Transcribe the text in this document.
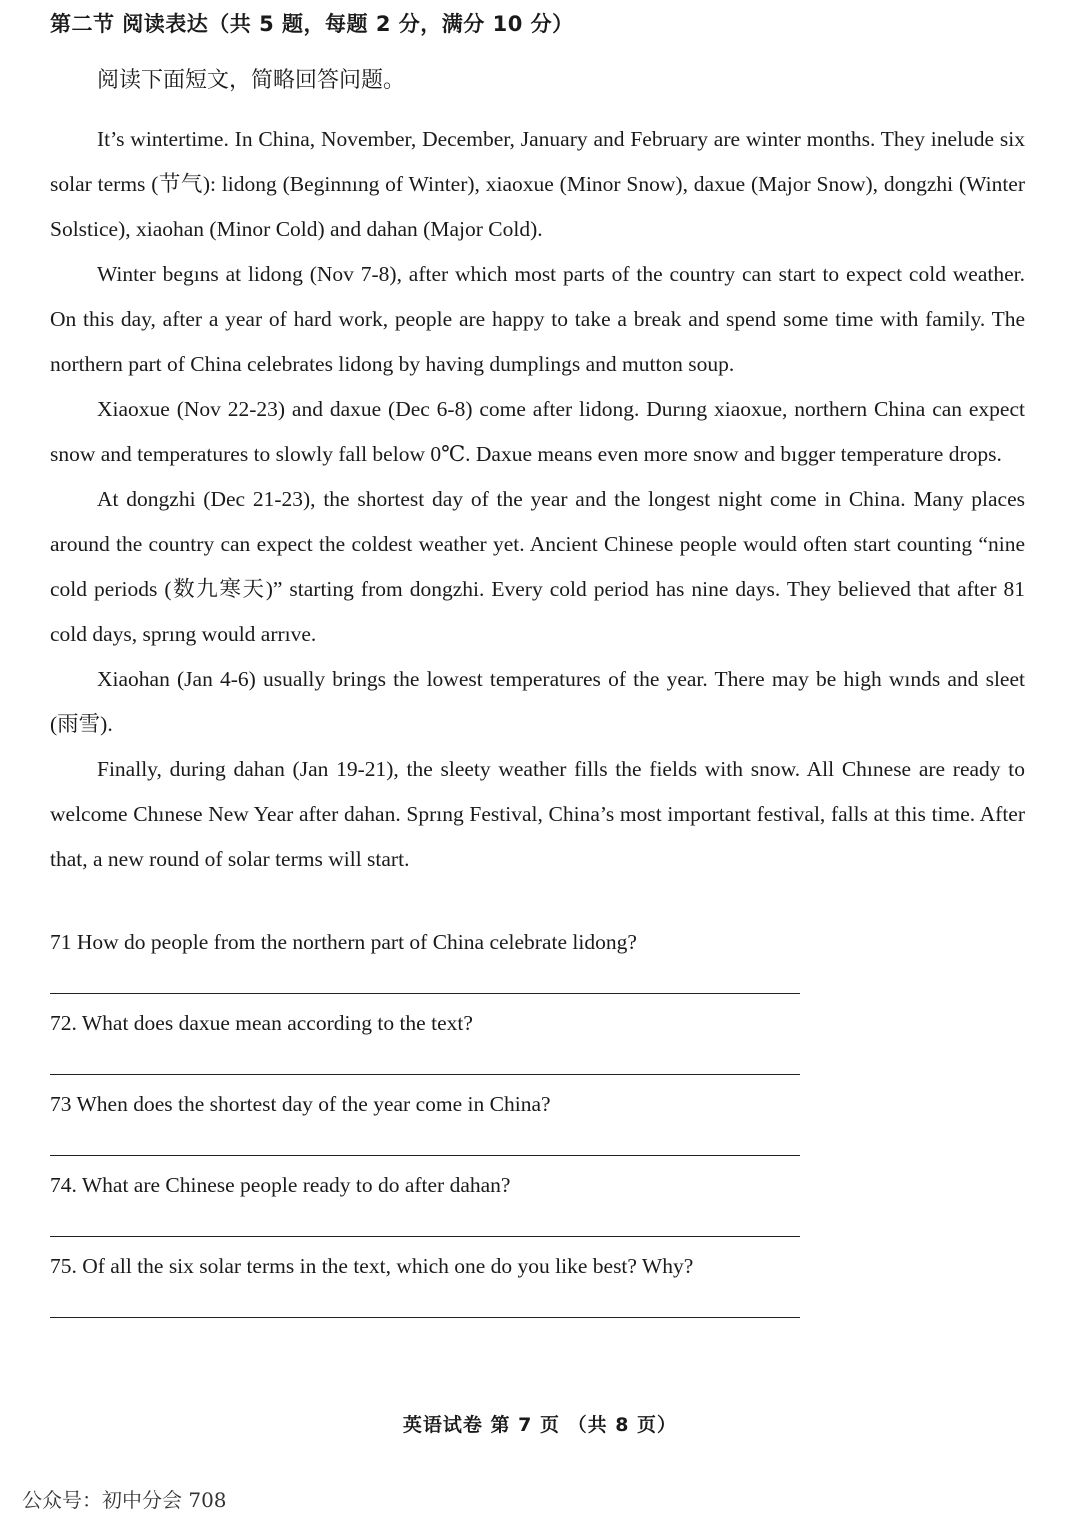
第二节 阅读表达（共 5 题，每题 2 分，满分 10 分）
阅读下面短文，简略回答问题。

It’s wintertime. In China, November, December, January and February are winter months. They inelude six solar terms (节气): lidong (Beginnıng of Winter), xiaoxue (Minor Snow), daxue (Major Snow), dongzhi (Winter Solstice), xiaohan (Minor Cold) and dahan (Major Cold).

Winter begıns at lidong (Nov 7-8), after which most parts of the country can start to expect cold weather. On this day, after a year of hard work, people are happy to take a break and spend some time with family. The northern part of China celebrates lidong by having dumplings and mutton soup.

Xiaoxue (Nov 22-23) and daxue (Dec 6-8) come after lidong. Durıng xiaoxue, northern China can expect snow and temperatures to slowly fall below 0℃. Daxue means even more snow and bıgger temperature drops.

At dongzhi (Dec 21-23), the shortest day of the year and the longest night come in China. Many places around the country can expect the coldest weather yet. Ancient Chinese people would often start counting “nine cold periods (数九寒天)” starting from dongzhi. Every cold period has nine days. They believed that after 81 cold days, sprıng would arrıve.

Xiaohan (Jan 4-6) usually brings the lowest temperatures of the year. There may be high wınds and sleet (雨雪).

Finally, during dahan (Jan 19-21), the sleety weather fills the fields with snow. All Chınese are ready to welcome Chınese New Year after dahan. Sprıng Festival, China’s most important festival, falls at this time. After that, a new round of solar terms will start.

71 How do people from the northern part of China celebrate lidong?
72. What does daxue mean according to the text?
73 When does the shortest day of the year come in China?
74. What are Chinese people ready to do after dahan?
75. Of all the six solar terms in the text, which one do you like best? Why?
英语试卷 第 7 页 （共 8 页）
公众号：初中分会 708
